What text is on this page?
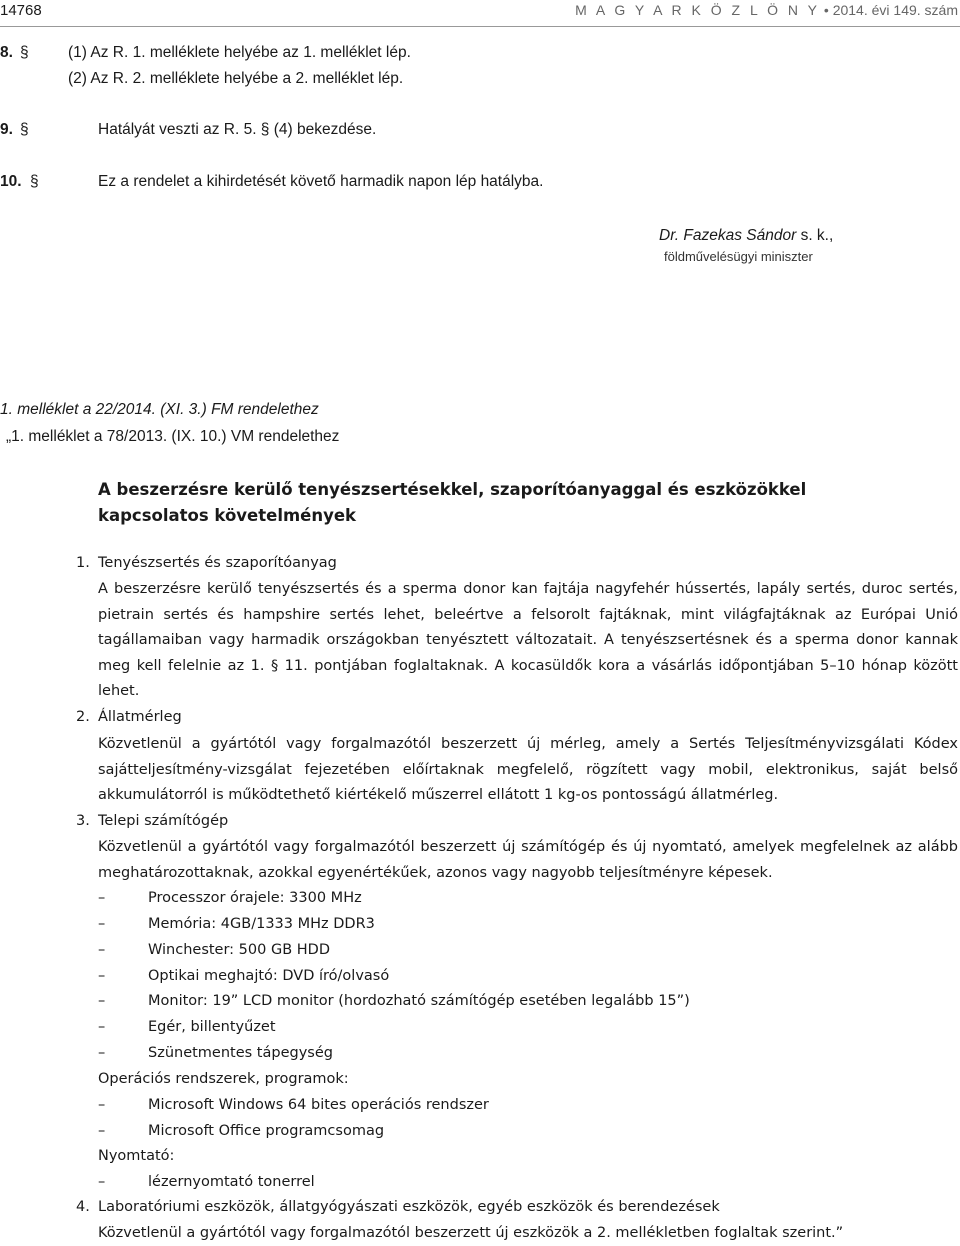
14768	M A G Y A R K Ö Z L Ö N Y • 2014. évi 149. szám
8. §	(1) Az R. 1. melléklete helyébe az 1. melléklet lép.
(2) Az R. 2. melléklete helyébe a 2. melléklet lép.
9. §	Hatályát veszti az R. 5. § (4) bekezdése.
10. §	Ez a rendelet a kihirdetését követő harmadik napon lép hatályba.
Dr. Fazekas Sándor s. k.,
földművelésügyi miniszter
1. melléklet a 22/2014. (XI. 3.) FM rendelethez
„1. melléklet a 78/2013. (IX. 10.) VM rendelethez
A beszerzésre kerülő tenyészsertésekkel, szaporítóanyaggal és eszközökkel kapcsolatos követelmények
1. Tenyészsertés és szaporítóanyag
A beszerzésre kerülő tenyészsertés és a sperma donor kan fajtája nagyfehér hússertés, lapály sertés, duroc sertés, pietrain sertés és hampshire sertés lehet, beleértve a felsorolt fajtáknak, mint világfajtáknak az Európai Unió tagállamaiban vagy harmadik országokban tenyésztett változatait. A tenyészsertésnek és a sperma donor kannak meg kell felelnie az 1. § 11. pontjában foglaltaknak. A kocasüldők kora a vásárlás időpontjában 5–10 hónap között lehet.
2. Állatmérleg
Közvetlenül a gyártótól vagy forgalmazótól beszerzett új mérleg, amely a Sertés Teljesítményvizsgálati Kódex sajátteljesítmény-vizsgálat fejezetében előírtaknak megfelelő, rögzített vagy mobil, elektronikus, saját belső akkumulátorról is működtethető kiértékelő műszerrel ellátott 1 kg-os pontosságú állatmérleg.
3. Telepi számítógép
Közvetlenül a gyártótól vagy forgalmazótól beszerzett új számítógép és új nyomtató, amelyek megfelelnek az alább meghatározottaknak, azokkal egyenértékűek, azonos vagy nagyobb teljesítményre képesek.
–	Processzor órajele: 3300 MHz
–	Memória: 4GB/1333 MHz DDR3
–	Winchester: 500 GB HDD
–	Optikai meghajtó: DVD író/olvasó
–	Monitor: 19” LCD monitor (hordozható számítógép esetében legalább 15”)
–	Egér, billentyűzet
–	Szünetmentes tápegység
Operációs rendszerek, programok:
–	Microsoft Windows 64 bites operációs rendszer
–	Microsoft Office programcsomag
Nyomtató:
–	lézernyomtató tonerrel
4. Laboratóriumi eszközök, állatgyógyászati eszközök, egyéb eszközök és berendezések
Közvetlenül a gyártótól vagy forgalmazótól beszerzett új eszközök a 2. mellékletben foglaltak szerint.”
